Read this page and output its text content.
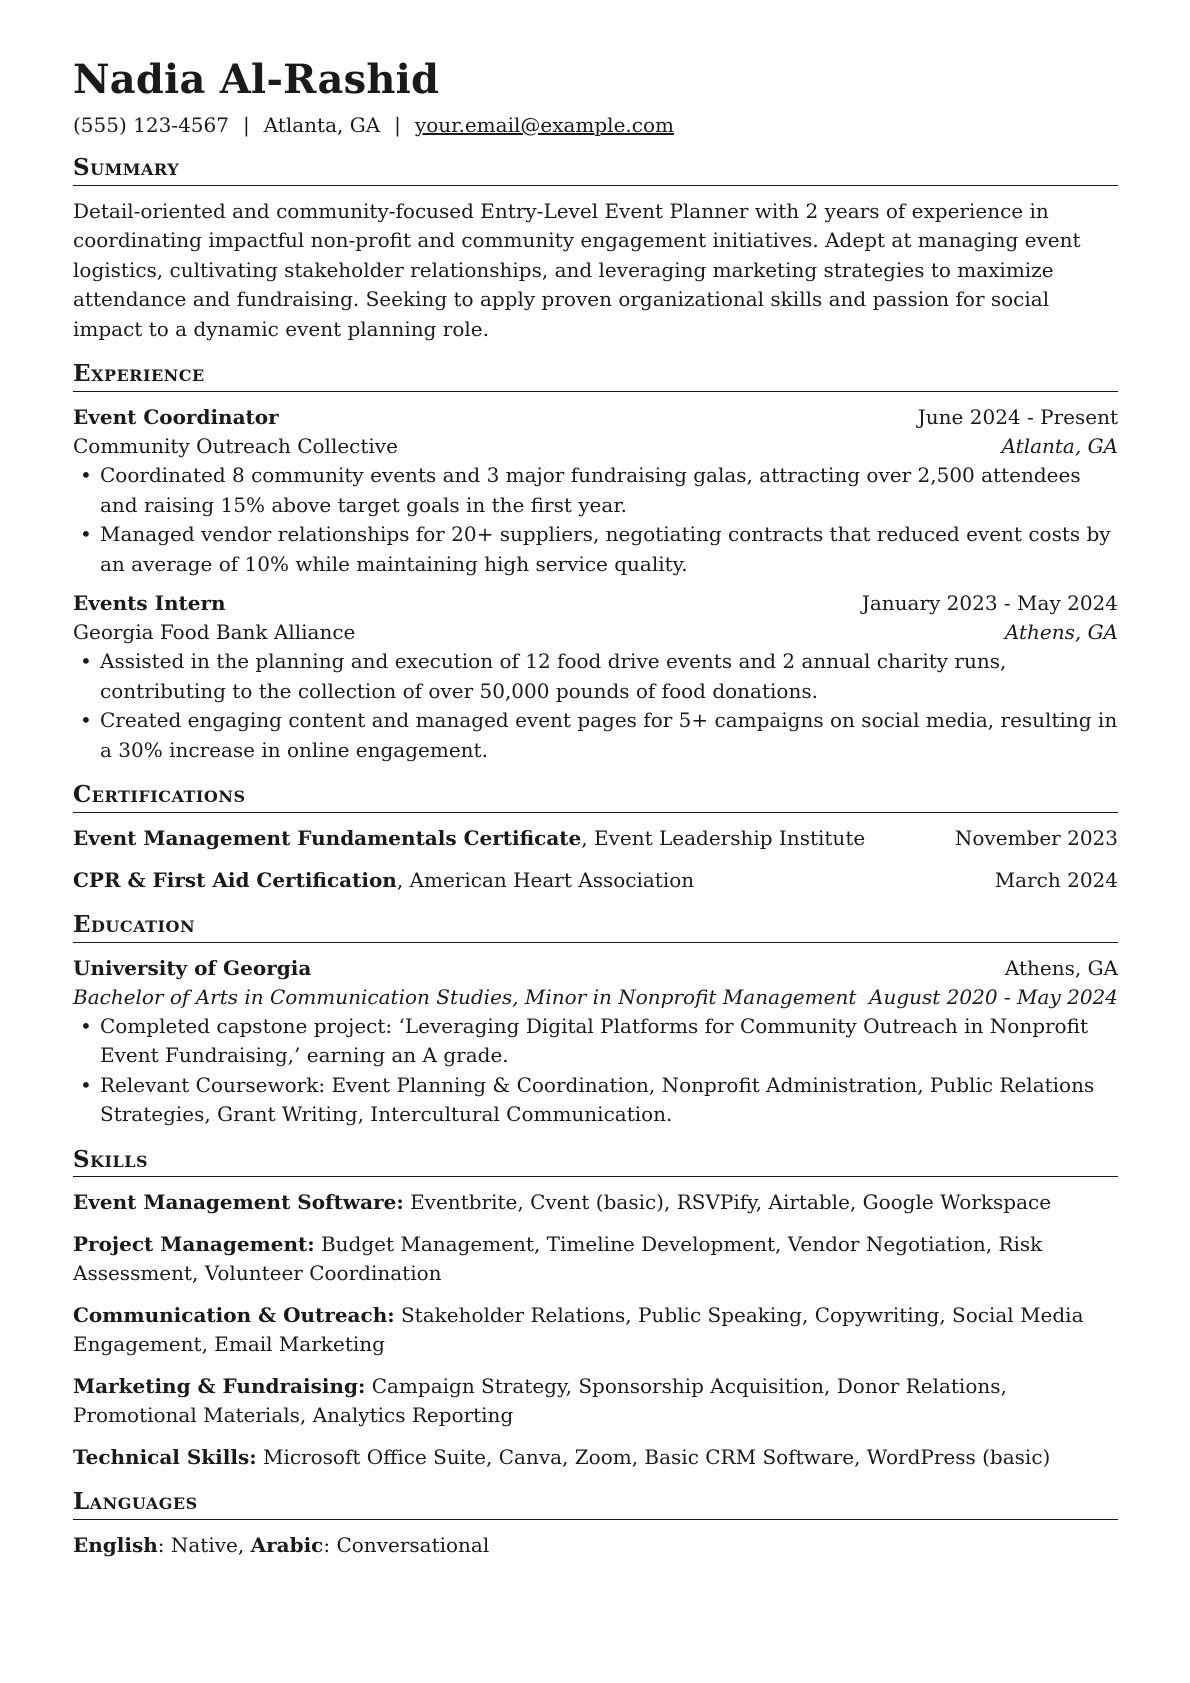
Nadia Al-Rashid
(555) 123-4567 | Atlanta, GA | your.email@example.com
Summary

Detail-oriented and community-focused Entry-Level Event Planner with 2 years of experience in coordinating impactful non-profit and community engagement initiatives. Adept at managing event logistics, cultivating stakeholder relationships, and leveraging marketing strategies to maximize attendance and fundraising. Seeking to apply proven organizational skills and passion for social impact to a dynamic event planning role.

Experience
Event Coordinator	June 2024 - Present
Community Outreach Collective	Atlanta, GA
• Coordinated 8 community events and 3 major fundraising galas, attracting over 2,500 attendees and raising 15% above target goals in the first year.
• Managed vendor relationships for 20+ suppliers, negotiating contracts that reduced event costs by an average of 10% while maintaining high service quality.
Events Intern	January 2023 - May 2024
Georgia Food Bank Alliance	Athens, GA
• Assisted in the planning and execution of 12 food drive events and 2 annual charity runs, contributing to the collection of over 50,000 pounds of food donations.
• Created engaging content and managed event pages for 5+ campaigns on social media, resulting in a 30% increase in online engagement.
Certifications
Event Management Fundamentals Certificate, Event Leadership Institute	November 2023
CPR & First Aid Certification, American Heart Association	March 2024
Education
University of Georgia	Athens, GA
Bachelor of Arts in Communication Studies, Minor in Nonprofit Management August 2020 - May 2024
• Completed capstone project: ‘Leveraging Digital Platforms for Community Outreach in Nonprofit Event Fundraising,’ earning an A grade.
• Relevant Coursework: Event Planning & Coordination, Nonprofit Administration, Public Relations Strategies, Grant Writing, Intercultural Communication.
Skills
Event Management Software: Eventbrite, Cvent (basic), RSVPify, Airtable, Google Workspace
Project Management: Budget Management, Timeline Development, Vendor Negotiation, Risk Assessment, Volunteer Coordination
Communication & Outreach: Stakeholder Relations, Public Speaking, Copywriting, Social Media Engagement, Email Marketing
Marketing & Fundraising: Campaign Strategy, Sponsorship Acquisition, Donor Relations, Promotional Materials, Analytics Reporting
Technical Skills: Microsoft Office Suite, Canva, Zoom, Basic CRM Software, WordPress (basic)
Languages
English: Native, Arabic: Conversational
